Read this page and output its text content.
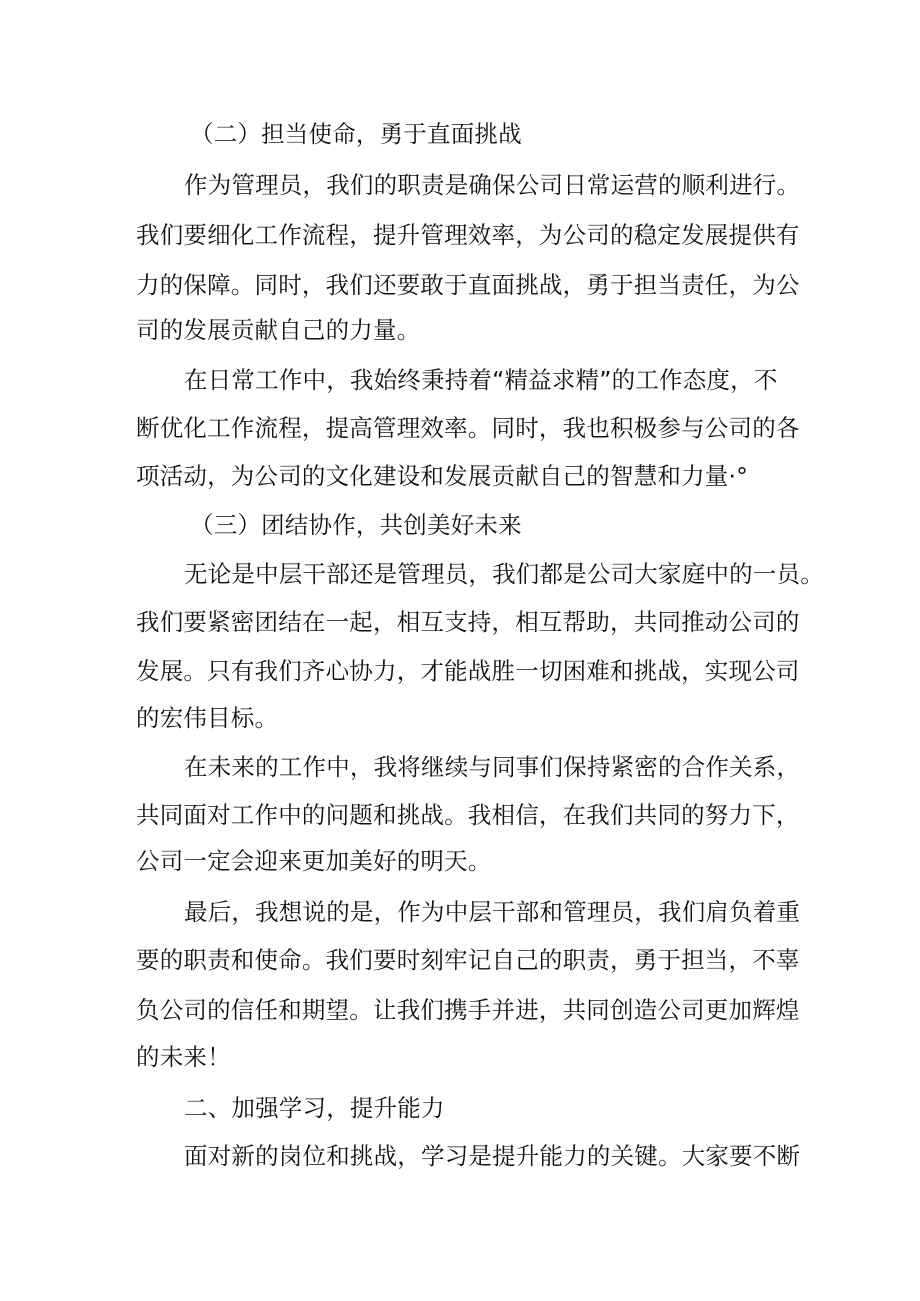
（二）担当使命，勇于直面挑战

作为管理员，我们的职责是确保公司日常运营的顺利进行。

我们要细化工作流程，提升管理效率，为公司的稳定发展提供有

力的保障。同时，我们还要敢于直面挑战，勇于担当责任，为公

司的发展贡献自己的力量。

在日常工作中，我始终秉持着“精益求精”的工作态度，不

断优化工作流程，提高管理效率。同时，我也积极参与公司的各

项活动，为公司的文化建设和发展贡献自己的智慧和力量·°

（三）团结协作，共创美好未来

无论是中层干部还是管理员，我们都是公司大家庭中的一员。

我们要紧密团结在一起，相互支持，相互帮助，共同推动公司的

发展。只有我们齐心协力，才能战胜一切困难和挑战，实现公司

的宏伟目标。

在未来的工作中，我将继续与同事们保持紧密的合作关系，

共同面对工作中的问题和挑战。我相信，在我们共同的努力下，

公司一定会迎来更加美好的明天。

最后，我想说的是，作为中层干部和管理员，我们肩负着重

要的职责和使命。我们要时刻牢记自己的职责，勇于担当，不辜

负公司的信任和期望。让我们携手并进，共同创造公司更加辉煌

的未来！

二、加强学习，提升能力

面对新的岗位和挑战，学习是提升能力的关键。大家要不断
